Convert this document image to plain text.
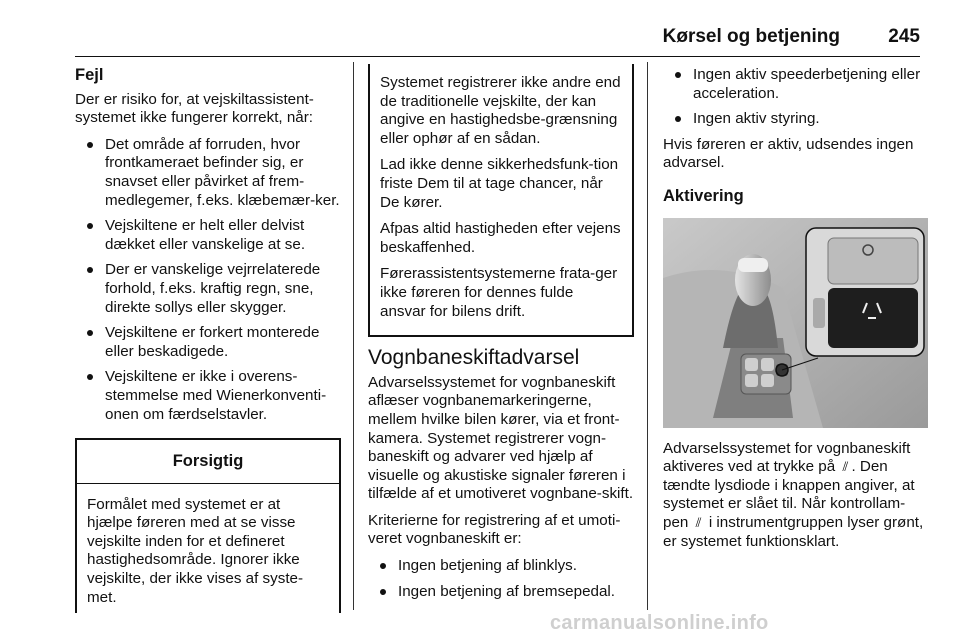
Kørsel og betjening	245
Fejl

Der er risiko for, at vejskiltassistent-systemet ikke fungerer korrekt, når:

Det område af forruden, hvor frontkameraet befinder sig, er snavset eller påvirket af frem-medlegemer, f.eks. klæbemær-ker.
Vejskiltene er helt eller delvist dækket eller vanskelige at se.
Der er vanskelige vejrrelaterede forhold, f.eks. kraftig regn, sne, direkte sollys eller skygger.
Vejskiltene er forkert monterede eller beskadigede.
Vejskiltene er ikke i overens-stemmelse med Wienerkonventi-onen om færdselstavler.
Forsigtig
Formålet med systemet er at hjælpe føreren med at se visse vejskilte inden for et defineret hastighedsområde. Ignorer ikke vejskilte, der ikke vises af syste-met.

Systemet registrerer ikke andre end de traditionelle vejskilte, der kan angive en hastighedsbe-grænsning eller ophør af en sådan.

Lad ikke denne sikkerhedsfunk-tion friste Dem til at tage chancer, når De kører.

Afpas altid hastigheden efter vejens beskaffenhed.

Førerassistentsystemerne frata-ger ikke føreren for dennes fulde ansvar for bilens drift.

Vognbaneskiftadvarsel

Advarselssystemet for vognbaneskift aflæser vognbanemarkeringerne, mellem hvilke bilen kører, via et front-kamera. Systemet registrerer vogn-baneskift og advarer ved hjælp af visuelle og akustiske signaler føreren i tilfælde af et umotiveret vognbane-skift.

Kriterierne for registrering af et umoti-veret vognbaneskift er:

Ingen betjening af blinklys.
Ingen betjening af bremsepedal.
Ingen aktiv speederbetjening eller acceleration.
Ingen aktiv styring.

Hvis føreren er aktiv, udsendes ingen advarsel.

Aktivering

Advarselssystemet for vognbaneskift aktiveres ved at trykke på ⫽ . Den tændte lysdiode i knappen angiver, at systemet er slået til. Når kontrollam-pen ⫽ i instrumentgruppen lyser grønt, er systemet funktionsklart.

carmanualsonline.info
